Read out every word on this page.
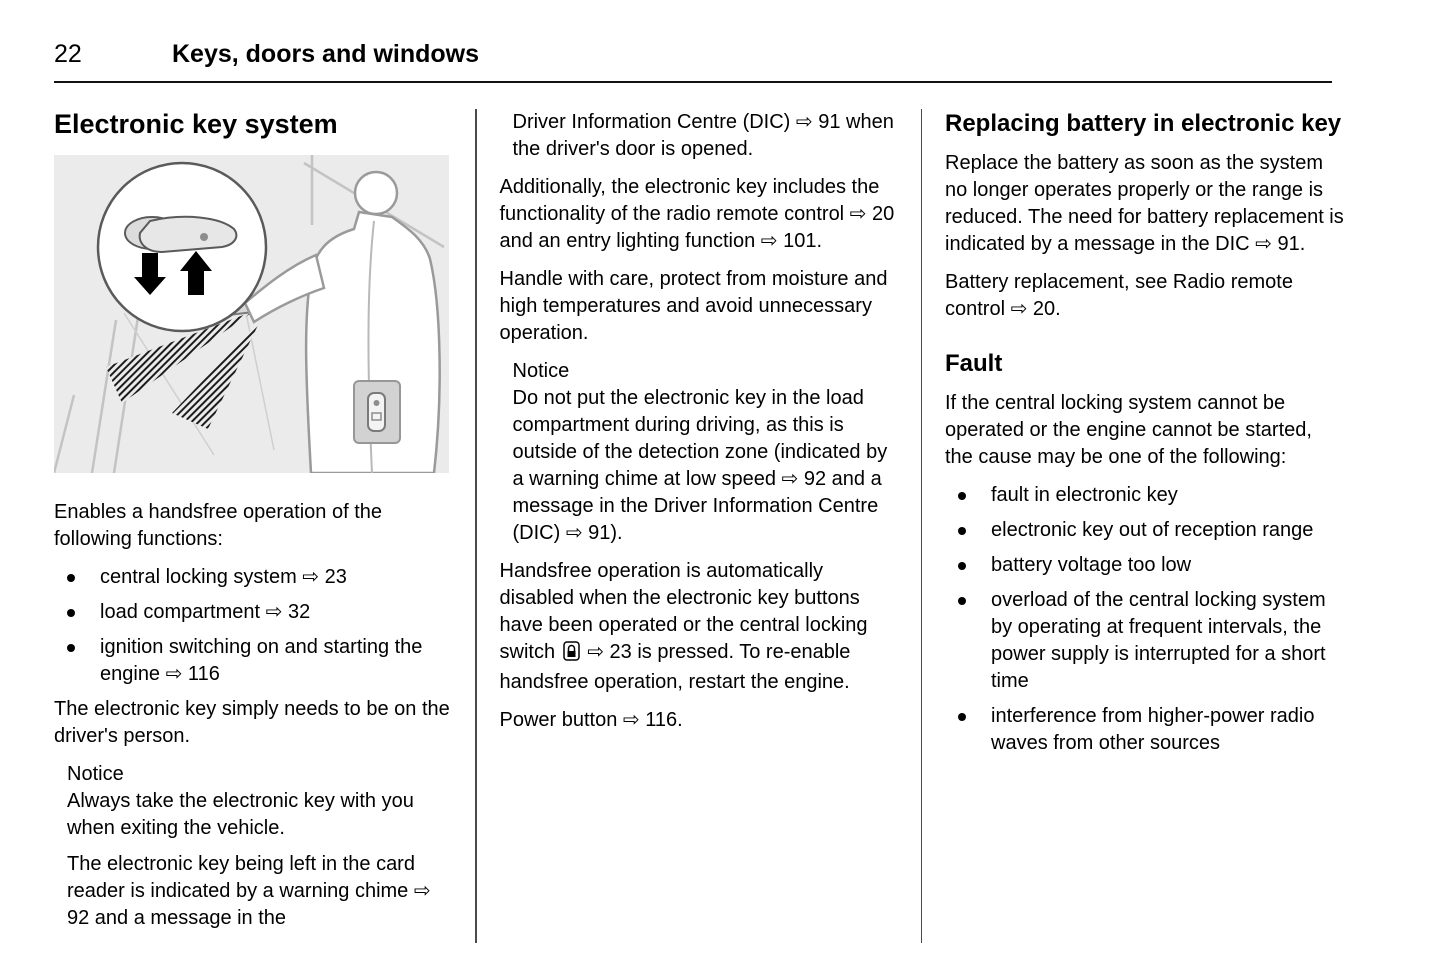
22	Keys, doors and windows
Electronic key system

Enables a handsfree operation of the following functions:

central locking system ⇨ 23
load compartment ⇨ 32
ignition switching on and starting the engine ⇨ 116

The electronic key simply needs to be on the driver's person.

Notice

Always take the electronic key with you when exiting the vehicle.

The electronic key being left in the card reader is indicated by a warning chime ⇨ 92 and a message in the

Driver Information Centre (DIC) ⇨ 91 when the driver's door is opened.

Additionally, the electronic key includes the functionality of the radio remote control ⇨ 20 and an entry lighting function ⇨ 101.

Handle with care, protect from moisture and high temperatures and avoid unnecessary operation.

Notice

Do not put the electronic key in the load compartment during driving, as this is outside of the detection zone (indicated by a warning chime at low speed ⇨ 92 and a message in the Driver Information Centre (DIC) ⇨ 91).

Handsfree operation is automatically disabled when the electronic key buttons have been operated or the central locking switch ⇨ 23 is pressed. To re-enable handsfree operation, restart the engine.

Power button ⇨ 116.

Replacing battery in electronic key

Replace the battery as soon as the system no longer operates properly or the range is reduced. The need for battery replacement is indicated by a message in the DIC ⇨ 91.

Battery replacement, see Radio remote control ⇨ 20.

Fault

If the central locking system cannot be operated or the engine cannot be started, the cause may be one of the following:

fault in electronic key
electronic key out of reception range
battery voltage too low
overload of the central locking system by operating at frequent intervals, the power supply is interrupted for a short time
interference from higher-power radio waves from other sources
